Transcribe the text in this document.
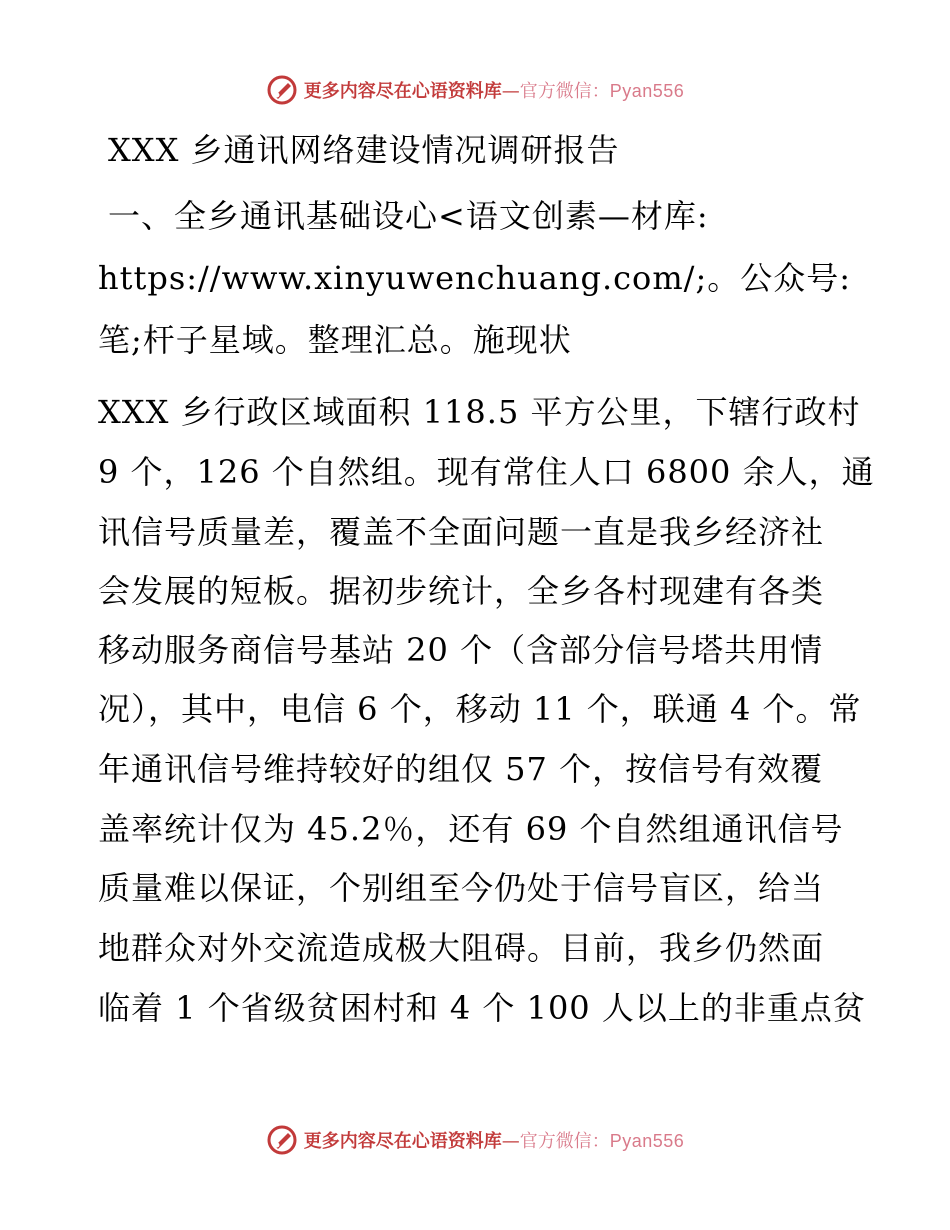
更多内容尽在心语资料库—官方微信：Pyan556
XXX 乡通讯网络建设情况调研报告
一、全乡通讯基础设心<语文创素—材库:
https://www.xinyuwenchuang.com/;。公众号:
笔;杆子星域。整理汇总。施现状
XXX 乡行政区域面积 118.5 平方公里，下辖行政村
9 个，126 个自然组。现有常住人口 6800 余人，通
讯信号质量差，覆盖不全面问题一直是我乡经济社
会发展的短板。据初步统计，全乡各村现建有各类
移动服务商信号基站 20 个（含部分信号塔共用情
况），其中，电信 6 个，移动 11 个，联通 4 个。常
年通讯信号维持较好的组仅 57 个，按信号有效覆
盖率统计仅为 45.2％，还有 69 个自然组通讯信号
质量难以保证，个别组至今仍处于信号盲区，给当
地群众对外交流造成极大阻碍。目前，我乡仍然面
临着 1 个省级贫困村和 4 个 100 人以上的非重点贫
更多内容尽在心语资料库—官方微信：Pyan556
